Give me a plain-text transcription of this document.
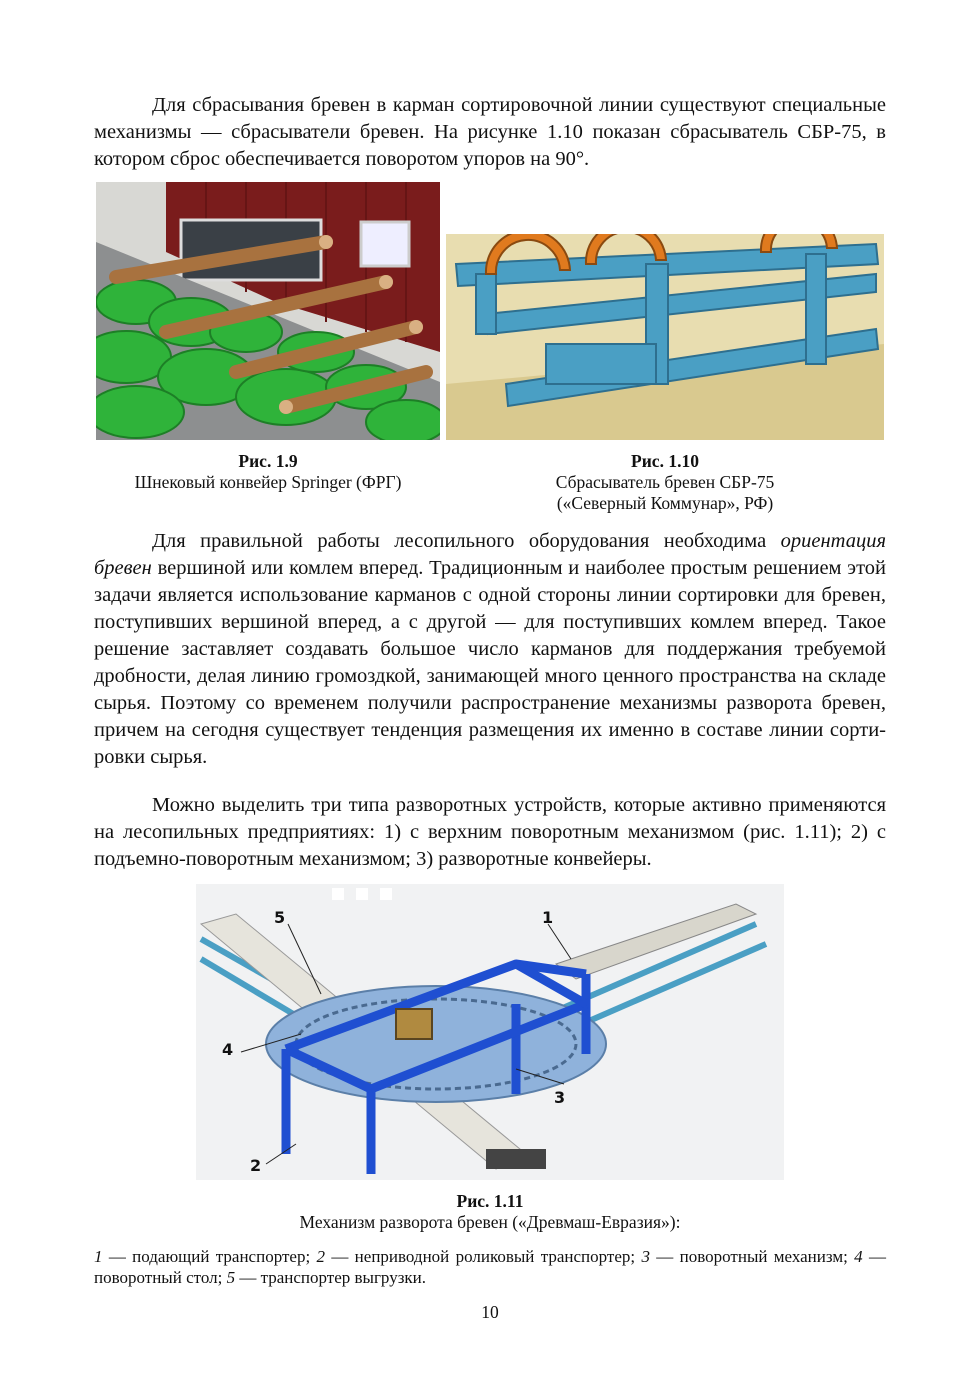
Для сбрасывания бревен в карман сортировочной линии существуют специальные механизмы — сбрасыватели бревен. На рисунке 1.10 показан сбрасыватель СБР-75, в котором сброс обеспечивается поворотом упоров на 90°.

Рис. 1.9
Шнековый конвейер Springer (ФРГ)
Рис. 1.10
Сбрасыватель бревен СБР-75
(«Северный Коммунар», РФ)

Для правильной работы лесопильного оборудования необходима ориентация бревен вершиной или комлем вперед. Традиционным и наиболее простым решением этой задачи является использование карманов с одной стороны линии сортировки для бревен, поступивших вершиной вперед, а с другой — для поступивших комлем вперед. Такое решение заставляет создавать большое число карманов для поддержания требуемой дробности, делая линию громоздкой, занимающей много ценного пространства на складе сырья. Поэтому со временем получили распространение механизмы разворота бревен, причем на сегодня существует тенденция размещения их именно в составе линии сортировки сырья.

Можно выделить три типа разворотных устройств, которые активно применяются на лесопильных предприятиях: 1) с верхним поворотным механизмом (рис. 1.11); 2) с подъемно-поворотным механизмом; 3) разворотные конвейеры.

5	1
3
4
2
Рис. 1.11
Механизм разворота бревен («Древмаш-Евразия»):

1 — подающий транспортер; 2 — неприводной роликовый транспортер; 3 — поворотный механизм; 4 — поворотный стол; 5 — транспортер выгрузки.

10
